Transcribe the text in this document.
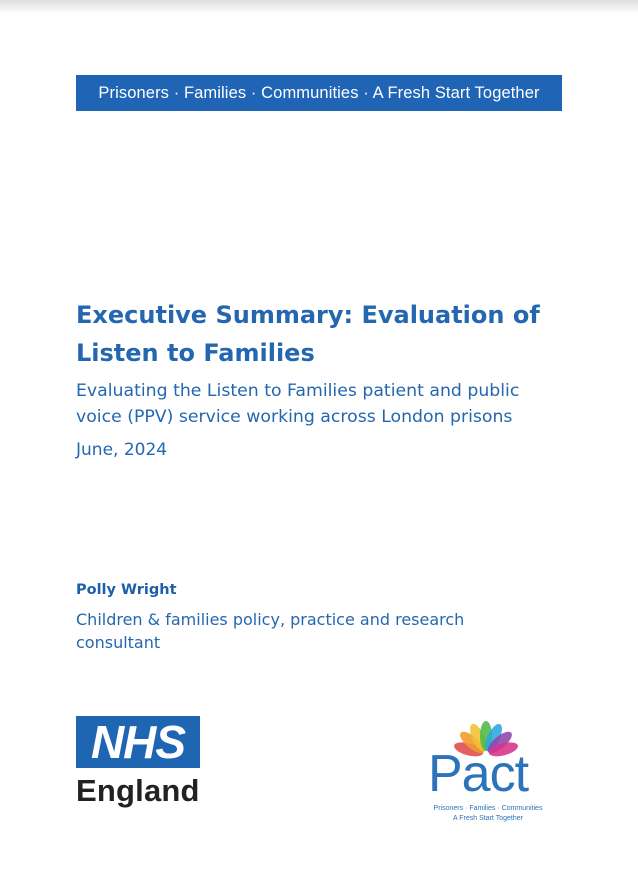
Prisoners · Families · Communities · A Fresh Start Together
Executive Summary: Evaluation of
Listen to Families
Evaluating the Listen to Families patient and public
voice (PPV) service working across London prisons
June, 2024
Polly Wright
Children & families policy, practice and research
consultant
NHS
England	Pact
Prisoners · Families · Communities
A Fresh Start Together
